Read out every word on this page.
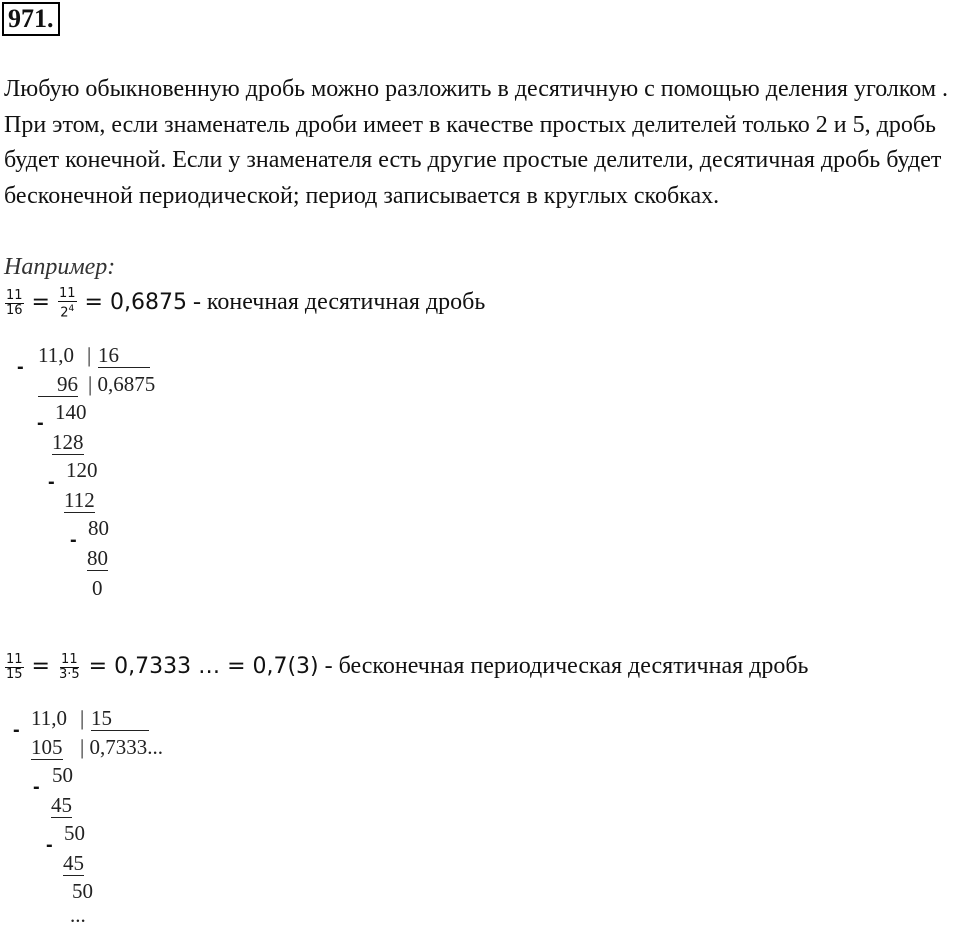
971.
Любую обыкновенную дробь можно разложить в десятичную с помощью деления уголком . При этом, если знаменатель дроби имеет в качестве простых делителей только 2 и 5, дробь будет конечной. Если у знаменателя есть другие простые делители, десятичная дробь будет бесконечной периодической; период записывается в круглых скобках.
Например:
$\frac{11}{16} = \frac{11}{2^4} = 0,6875$ - конечная десятичная дробь
- 11,0 | 16
96 | 0,6875
- 140
128
- 120
112
- 80
80
0
$\frac{11}{15} = \frac{11}{3\cdot 5} = 0,7333$ … = 0,7(3) - бесконечная периодическая десятичная дробь
- 11,0 | 15
105 | 0,7333...
- 50
45
- 50
45
50
...
